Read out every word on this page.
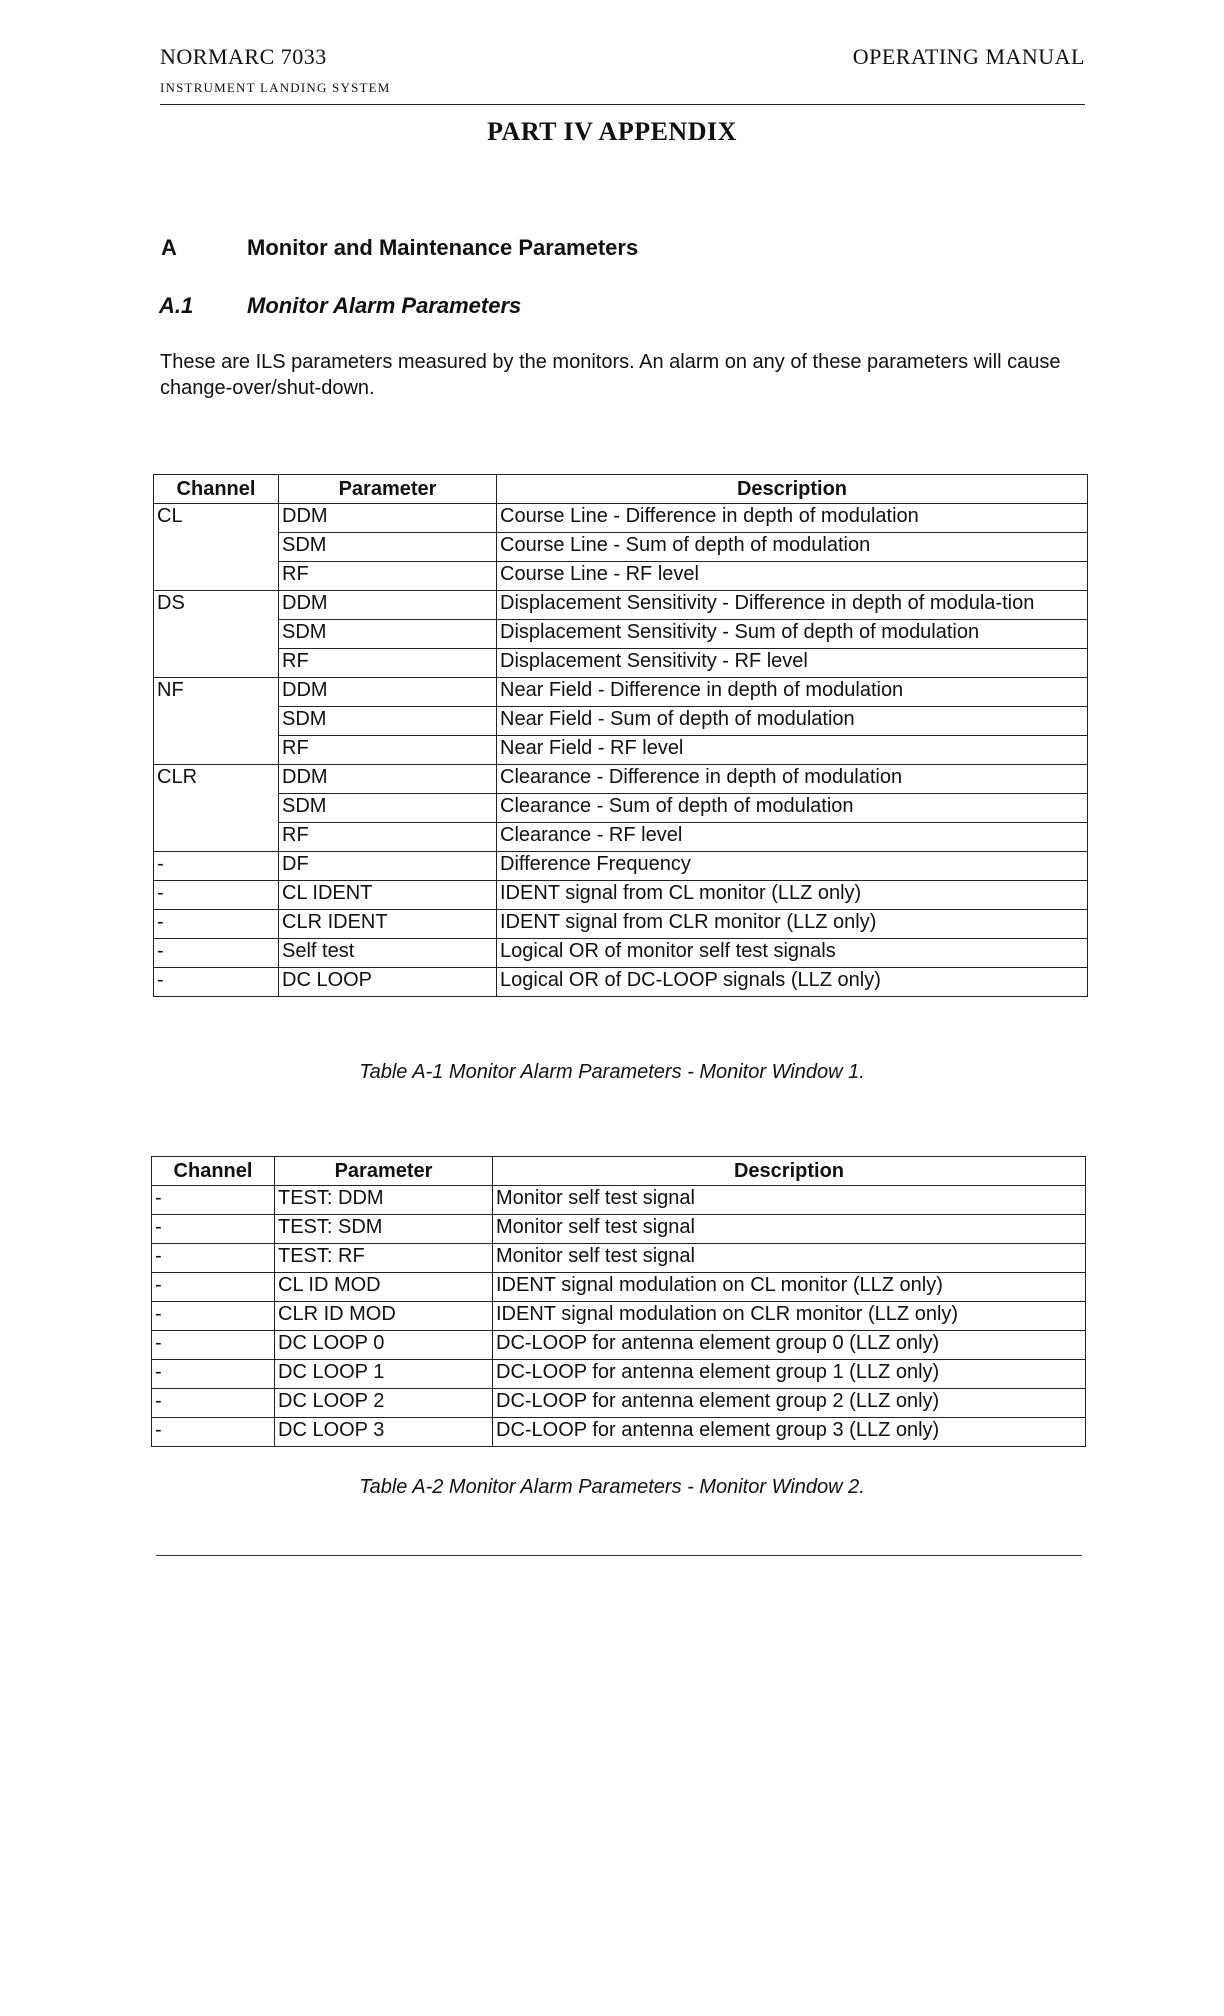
NORMARC 7033
INSTRUMENT LANDING SYSTEM
OPERATING MANUAL
PART IV APPENDIX
A	Monitor and Maintenance Parameters
A.1 Monitor Alarm Parameters
These are ILS parameters measured by the monitors. An alarm on any of these parameters will cause change-over/shut-down.
Channel	Parameter	Description
CL	DDM	Course Line - Difference in depth of modulation
	SDM	Course Line - Sum of depth of modulation
	RF	Course Line - RF level
DS	DDM	Displacement Sensitivity - Difference in depth of modula-tion
	SDM	Displacement Sensitivity - Sum of depth of modulation
	RF	Displacement Sensitivity - RF level
NF	DDM	Near Field - Difference in depth of modulation
	SDM	Near Field - Sum of depth of modulation
	RF	Near Field - RF level
CLR	DDM	Clearance - Difference in depth of modulation
	SDM	Clearance - Sum of depth of modulation
	RF	Clearance - RF level
-	DF	Difference Frequency
-	CL IDENT	IDENT signal from CL monitor (LLZ only)
-	CLR IDENT	IDENT signal from CLR monitor (LLZ only)
-	Self test	Logical OR of monitor self test signals
-	DC LOOP	Logical OR of DC-LOOP signals (LLZ only)
Table A-1 Monitor Alarm Parameters - Monitor Window 1.
Channel	Parameter	Description
-	TEST: DDM	Monitor self test signal
-	TEST: SDM	Monitor self test signal
-	TEST: RF	Monitor self test signal
-	CL ID MOD	IDENT signal modulation on CL monitor (LLZ only)
-	CLR ID MOD	IDENT signal modulation on CLR monitor (LLZ only)
-	DC LOOP 0	DC-LOOP for antenna element group 0 (LLZ only)
-	DC LOOP 1	DC-LOOP for antenna element group 1 (LLZ only)
-	DC LOOP 2	DC-LOOP for antenna element group 2 (LLZ only)
-	DC LOOP 3	DC-LOOP for antenna element group 3 (LLZ only)
Table A-2 Monitor Alarm Parameters - Monitor Window 2.
